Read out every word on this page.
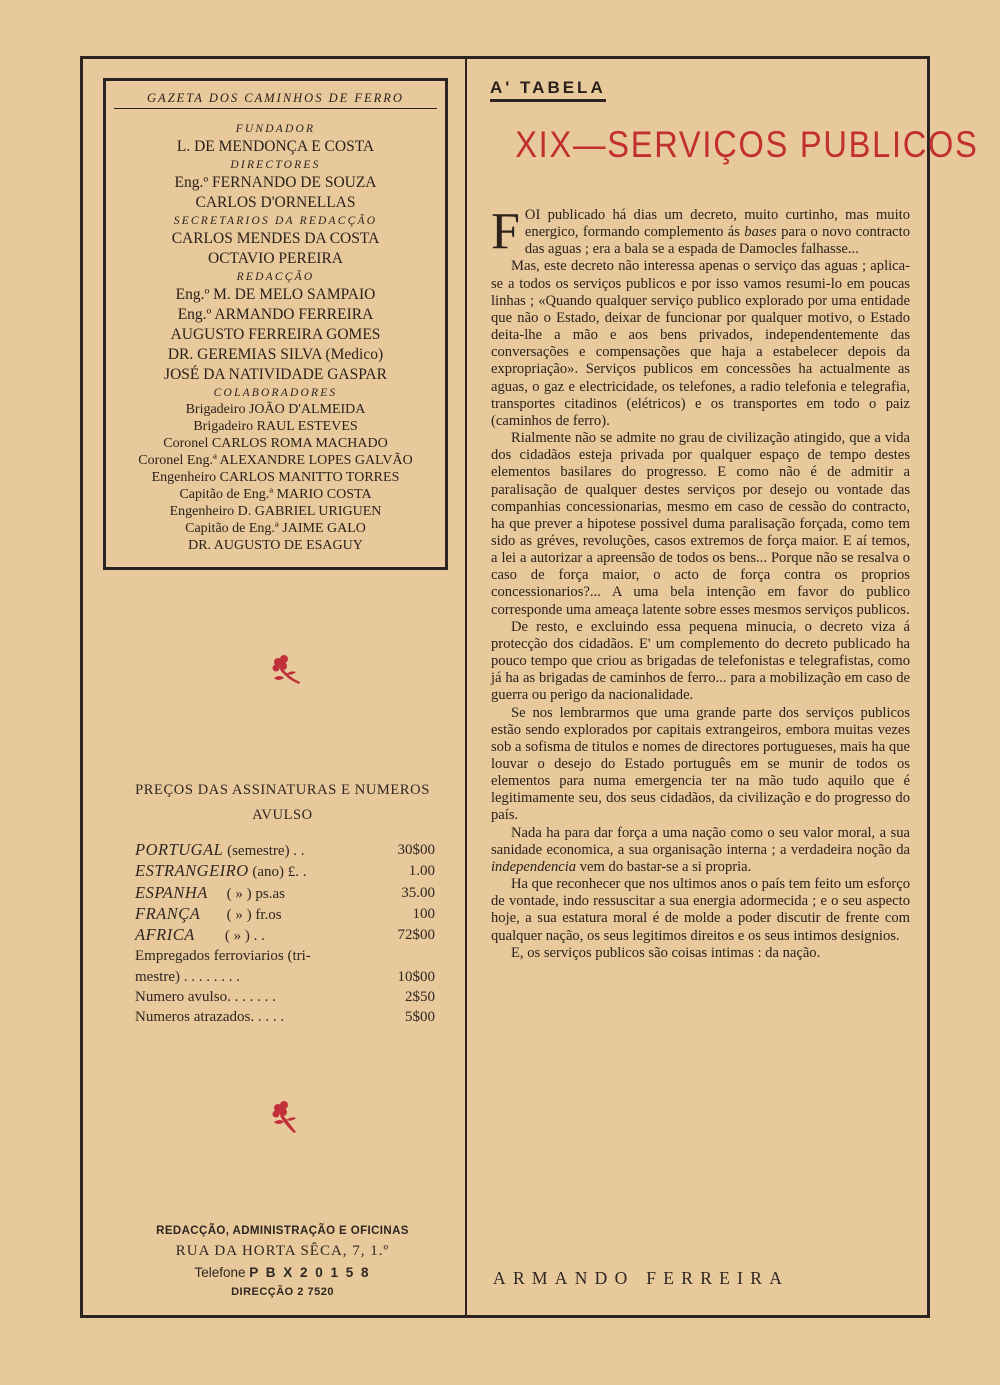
GAZETA DOS CAMINHOS DE FERRO
FUNDADOR
L. DE MENDONÇA E COSTA
DIRECTORES
Eng.º FERNANDO DE SOUZA
CARLOS D'ORNELLAS
SECRETARIOS DA REDACÇÃO
CARLOS MENDES DA COSTA
OCTAVIO PEREIRA
REDACÇÃO
Eng.º M. DE MELO SAMPAIO
Eng.º ARMANDO FERREIRA
AUGUSTO FERREIRA GOMES
DR. GEREMIAS SILVA (Medico)
JOSÉ DA NATIVIDADE GASPAR
COLABORADORES
Brigadeiro JOÃO D'ALMEIDA
Brigadeiro RAUL ESTEVES
Coronel CARLOS ROMA MACHADO
Coronel Eng.ª ALEXANDRE LOPES GALVÃO
Engenheiro CARLOS MANITTO TORRES
Capitão de Eng.ª MARIO COSTA
Engenheiro D. GABRIEL URIGUEN
Capitão de Eng.ª JAIME GALO
DR. AUGUSTO DE ESAGUY
PREÇOS DAS ASSINATURAS E NUMEROS
AVULSO
PORTUGAL (semestre) . .	30$00
ESTRANGEIRO (ano) £. .	1.00
ESPANHA     ( » ) ps.as	35.00
FRANÇA       ( » ) fr.os	100
AFRICA        ( » ) . .	72$00
Empregados ferroviarios (tri-
mestre) . . . . . . . .	10$00
Numero avulso. . . . . . .	2$50
Numeros atrazados. . . . .	5$00
REDACÇÃO, ADMINISTRAÇÃO E OFICINAS
RUA DA HORTA SÊCA, 7, 1.º
Telefone P B X 2 0 1 5 8
DIRECÇÃO 2 7520
A' TABELA
XIX—SERVIÇOS PUBLICOS

FOI publicado há dias um decreto, muito curtinho, mas muito energico, formando complemento ás bases para o novo contracto das aguas ; era a bala se a espada de Damocles falhasse...

Mas, este decreto não interessa apenas o serviço das aguas ; aplica-se a todos os serviços publicos e por isso vamos resumi-lo em poucas linhas ; «Quando qualquer serviço publico explorado por uma entidade que não o Estado, deixar de funcionar por qualquer motivo, o Estado deita-lhe a mão e aos bens privados, independentemente das conversações e compensações que haja a estabelecer depois da expropriação». Serviços publicos em concessões ha actualmente as aguas, o gaz e electricidade, os telefones, a radio telefonia e telegrafia, transportes citadinos (elétricos) e os transportes em todo o paiz (caminhos de ferro).

Rialmente não se admite no grau de civilização atingido, que a vida dos cidadãos esteja privada por qualquer espaço de tempo destes elementos basilares do progresso. E como não é de admitir a paralisação de qualquer destes serviços por desejo ou vontade das companhias concessionarias, mesmo em caso de cessão do contracto, ha que prever a hipotese possivel duma paralisação forçada, como tem sido as gréves, revoluções, casos extremos de força maior. E aí temos, a lei a autorizar a apreensão de todos os bens... Porque não se resalva o caso de força maior, o acto de força contra os proprios concessionarios?... A uma bela intenção em favor do publico corresponde uma ameaça latente sobre esses mesmos serviços publicos.

De resto, e excluindo essa pequena minucia, o decreto viza á protecção dos cidadãos. E' um complemento do decreto publicado ha pouco tempo que criou as brigadas de telefonistas e telegrafistas, como já ha as brigadas de caminhos de ferro... para a mobilização em caso de guerra ou perigo da nacionalidade.

Se nos lembrarmos que uma grande parte dos serviços publicos estão sendo explorados por capitais extrangeiros, embora muitas vezes sob a sofisma de titulos e nomes de directores portugueses, mais ha que louvar o desejo do Estado português em se munir de todos os elementos para numa emergencia ter na mão tudo aquilo que é legitimamente seu, dos seus cidadãos, da civilização e do progresso do país.

Nada ha para dar força a uma nação como o seu valor moral, a sua sanidade economica, a sua organisação interna ; a verdadeira noção da independencia vem do bastar-se a si propria.

Ha que reconhecer que nos ultimos anos o país tem feito um esforço de vontade, indo ressuscitar a sua energia adormecida ; e o seu aspecto hoje, a sua estatura moral é de molde a poder discutir de frente com qualquer nação, os seus legitimos direitos e os seus intimos designios.

E, os serviços publicos são coisas intimas : da nação.

ARMANDO FERREIRA
